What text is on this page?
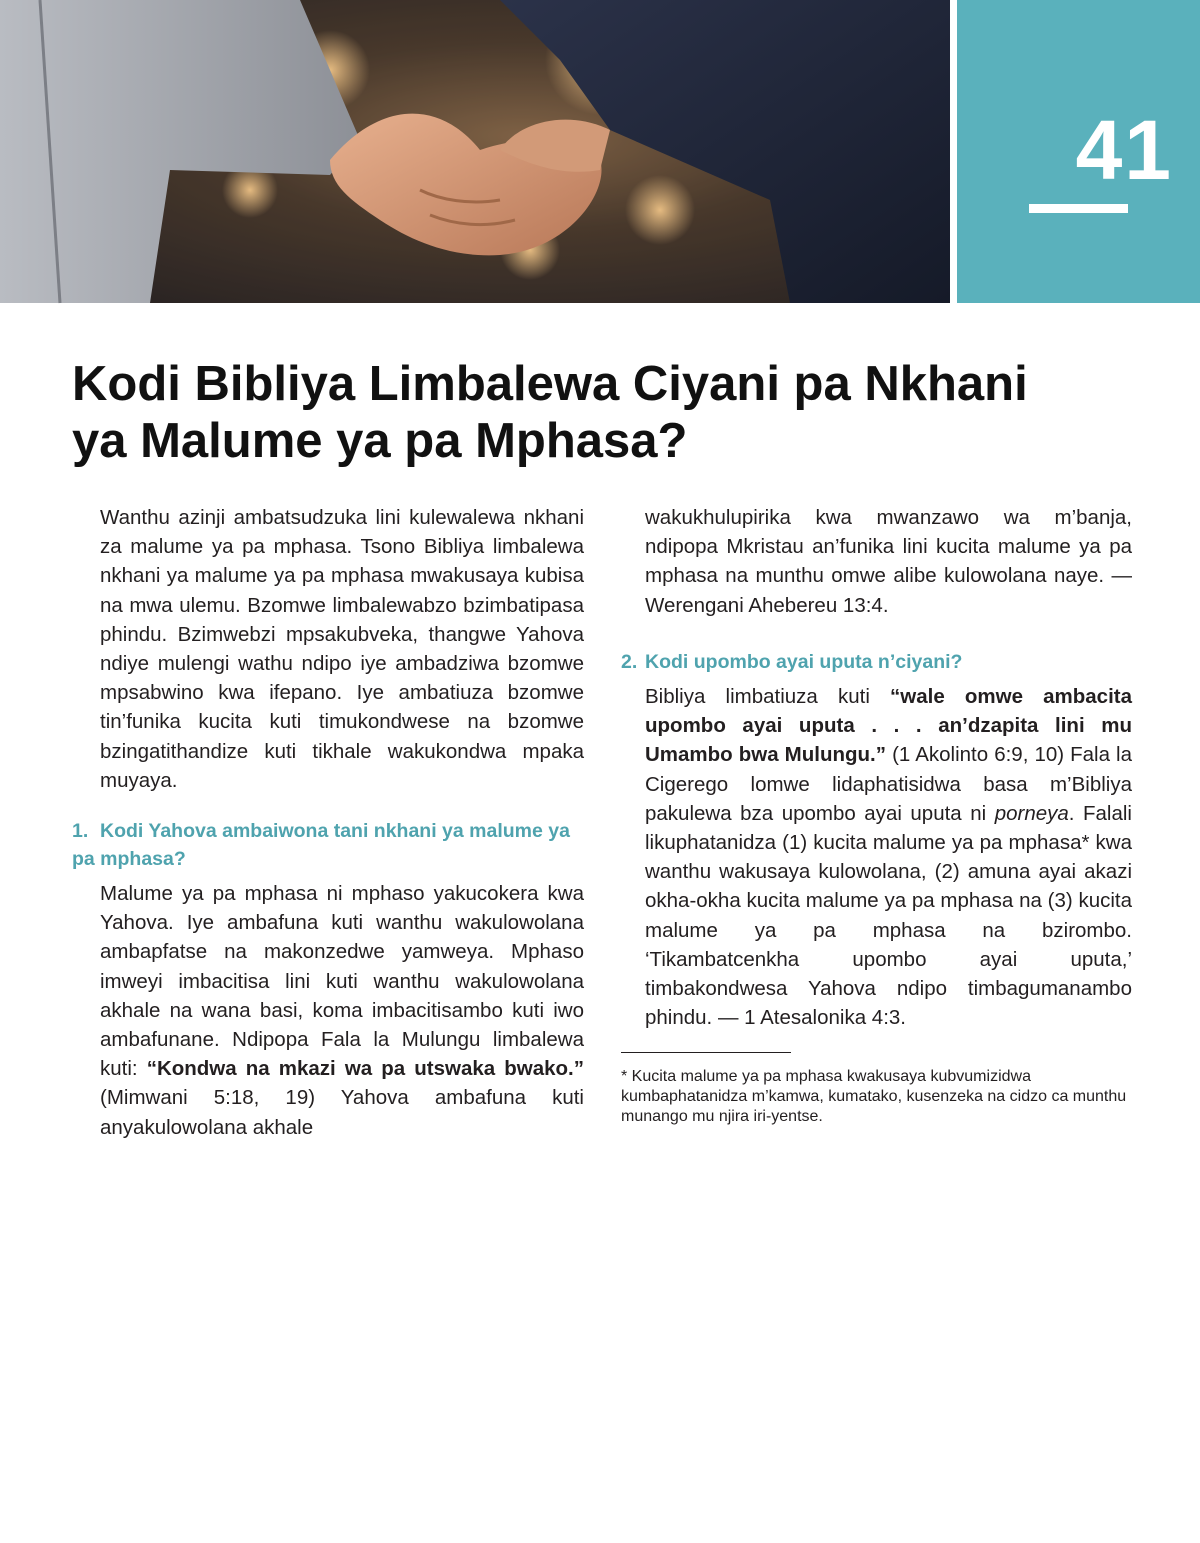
41
Kodi Bibliya Limbalewa Ciyani pa Nkhani
ya Malume ya pa Mphasa?

Wanthu azinji ambatsudzuka lini kulewalewa nkhani za malume ya pa mphasa. Tsono Bibliya limbalewa nkhani ya malume ya pa mphasa mwakusaya kubisa na mwa ulemu. Bzomwe limbalewabzo bzimbatipasa phindu. Bzimwebzi mpsakubveka, thangwe Yahova ndiye mulengi wathu ndipo iye ambadziwa bzomwe mpsabwino kwa ifepano. Iye ambatiuza bzomwe tin’funika kucita kuti timukondwese na bzomwe bzingatithandize kuti tikhale wakukondwa mpaka muyaya.

1. Kodi Yahova ambaiwona tani nkhani ya malume ya pa mphasa?

Malume ya pa mphasa ni mphaso yakucokera kwa Yahova. Iye ambafuna kuti wanthu wakulowolana ambapfatse na makonzedwe yamweya. Mphaso imweyi imbacitisa lini kuti wanthu wakulowolana akhale na wana basi, koma imbacitisambo kuti iwo ambafunane. Ndipopa Fala la Mulungu limbalewa kuti: “Kondwa na mkazi wa pa utswaka bwako.” (Mimwani 5:18, 19) Yahova ambafuna kuti anyakulowolana akhale

2. Kodi upombo ayai uputa n’ciyani?

Bibliya limbatiuza kuti “wale omwe ambacita upombo ayai uputa . . . an’dzapita lini mu Umambo bwa Mulungu.” (1 Akolinto 6:9, 10) Fala la Cigerego lomwe lidaphatisidwa basa m’Bibliya pakulewa bza upombo ayai uputa ni porneya. Falali likuphatanidza (1) kucita malume ya pa mphasa* kwa wanthu wakusaya kulowolana, (2) amuna ayai akazi okha-okha kucita malume ya pa mphasa na (3) kucita malume ya pa mphasa na bzirombo. ‘Tikambatcenkha upombo ayai uputa,’ timbakondwesa Yahova ndipo timbagumanambo phindu. — 1 Atesalonika 4:3.

* Kucita malume ya pa mphasa kwakusaya kubvumizidwa kumbaphatanidza m’kamwa, kumatako, kusenzeka na cidzo ca munthu munango mu njira iri-yentse.

wakukhulupirika kwa mwanzawo wa m’banja, ndipopa Mkristau an’funika lini kucita malume ya pa mphasa na munthu omwe alibe kulowolana naye. — Werengani Ahebereu 13:4.
